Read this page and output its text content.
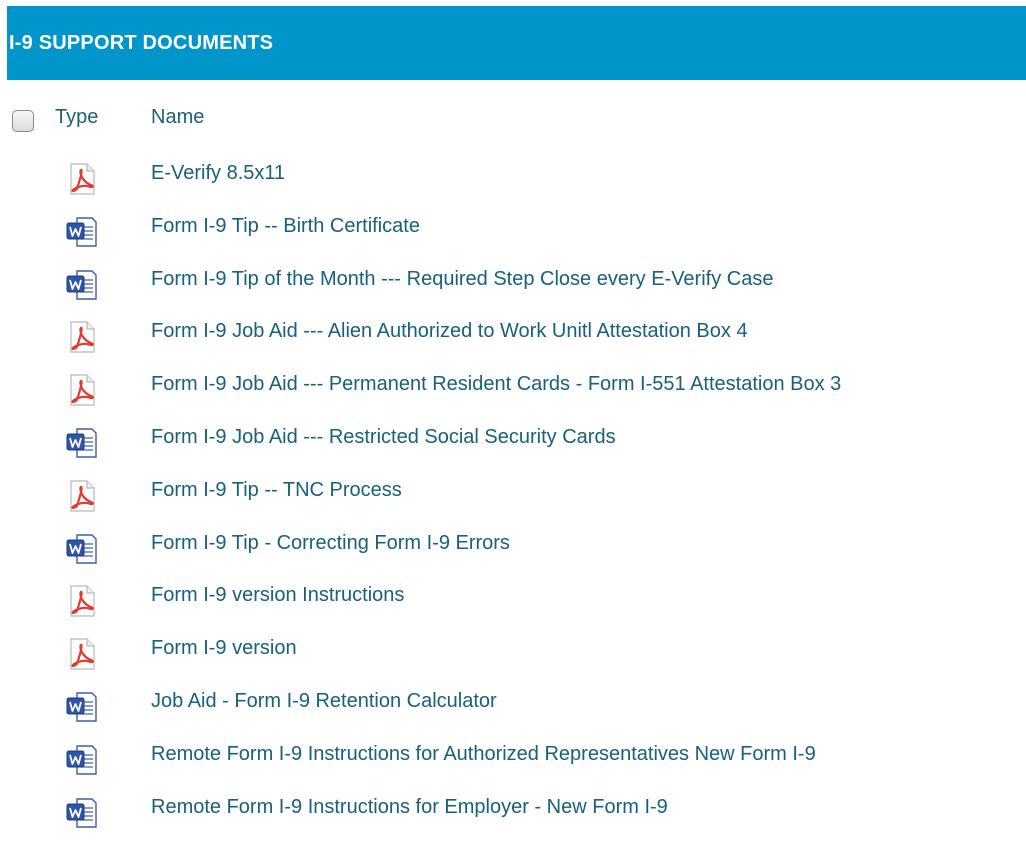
I-9 SUPPORT DOCUMENTS
Type	Name
E-Verify 8.5x11
Form I-9 Tip -- Birth Certificate
Form I-9 Tip of the Month --- Required Step Close every E-Verify Case
Form I-9 Job Aid --- Alien Authorized to Work Unitl Attestation Box 4
Form I-9 Job Aid --- Permanent Resident Cards - Form I-551 Attestation Box 3
Form I-9 Job Aid --- Restricted Social Security Cards
Form I-9 Tip -- TNC Process
Form I-9 Tip - Correcting Form I-9 Errors
Form I-9 version Instructions
Form I-9 version
Job Aid - Form I-9 Retention Calculator
Remote Form I-9 Instructions for Authorized Representatives New Form I-9
Remote Form I-9 Instructions for Employer - New Form I-9
